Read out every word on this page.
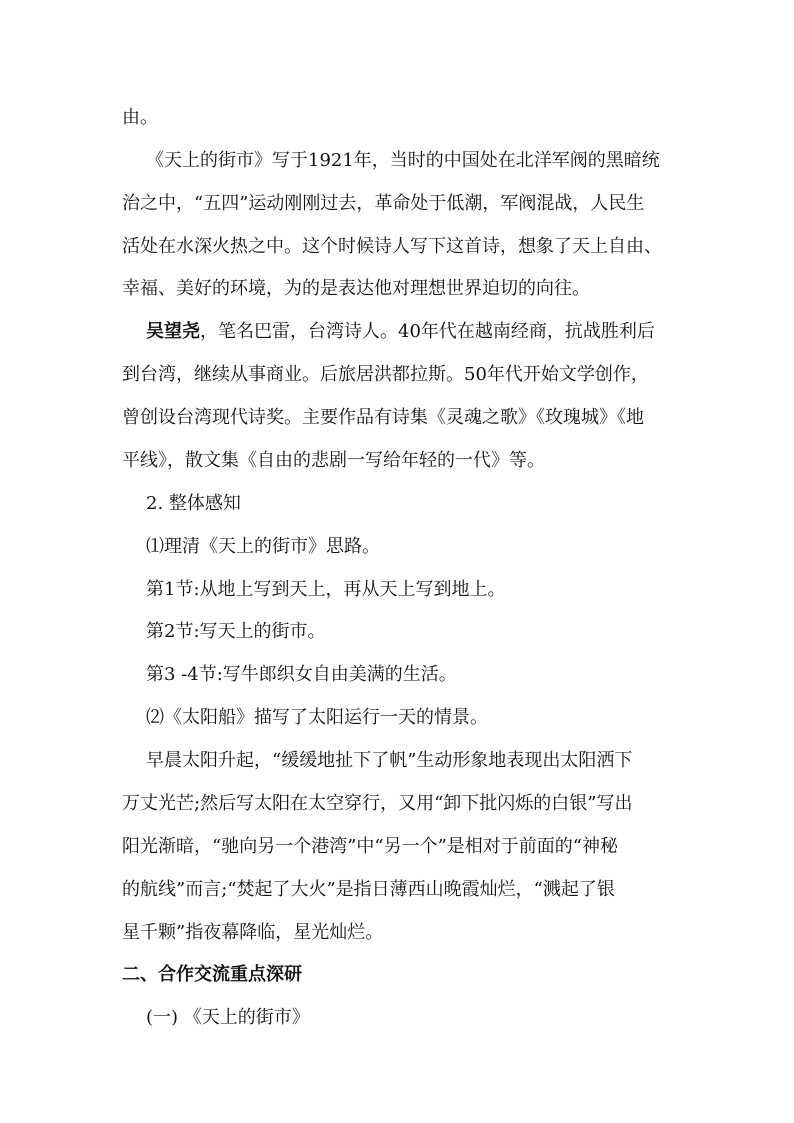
由。
《天上的街市》写于1921年，当时的中国处在北洋军阀的黑暗统
治之中，“五四”运动刚刚过去，革命处于低潮，军阀混战，人民生
活处在水深火热之中。这个时候诗人写下这首诗，想象了天上自由、
幸福、美好的环境，为的是表达他对理想世界迫切的向往。
吴望尧，笔名巴雷，台湾诗人。40年代在越南经商，抗战胜利后
到台湾，继续从事商业。后旅居洪都拉斯。50年代开始文学创作，
曾创设台湾现代诗奖。主要作品有诗集《灵魂之歌》《玫瑰城》《地
平线》，散文集《自由的悲剧一写给年轻的一代》等。
2. 整体感知
⑴理清《天上的街市》思路。
第1节:从地上写到天上，再从天上写到地上。
第2节:写天上的街市。
第3 -4节:写牛郎织女自由美满的生活。
⑵《太阳船》描写了太阳运行一天的情景。
早晨太阳升起，“缓缓地扯下了帆”生动形象地表现出太阳洒下
万丈光芒;然后写太阳在太空穿行，又用“卸下批闪烁的白银”写出
阳光渐暗，“驰向另一个港湾”中“另一个”是相对于前面的“神秘
的航线”而言;“焚起了大火”是指日薄西山晚霞灿烂，“溅起了银
星千颗”指夜幕降临，星光灿烂。
二、合作交流重点深研
(一) 《天上的街市》
